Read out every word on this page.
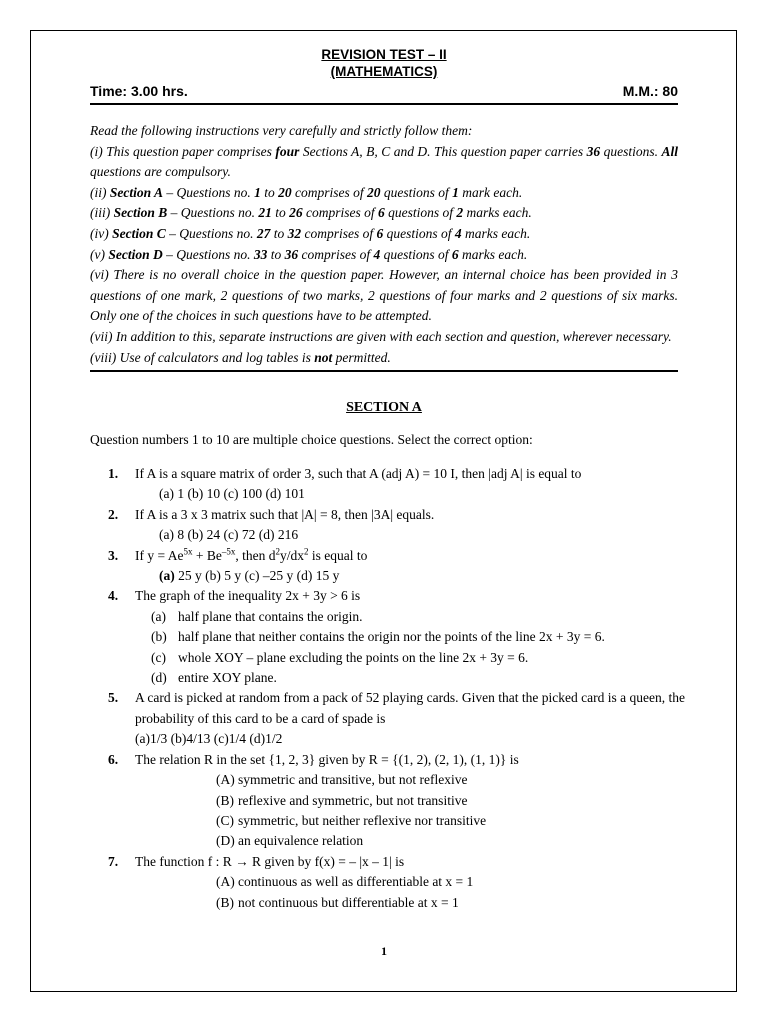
REVISION TEST – II
(MATHEMATICS)
Time: 3.00 hrs.	M.M.: 80

Read the following instructions very carefully and strictly follow them:

(i) This question paper comprises four Sections A, B, C and D. This question paper carries 36 questions. All questions are compulsory.

(ii) Section A – Questions no. 1 to 20 comprises of 20 questions of 1 mark each.

(iii) Section B – Questions no. 21 to 26 comprises of 6 questions of 2 marks each.

(iv) Section C – Questions no. 27 to 32 comprises of 6 questions of 4 marks each.

(v) Section D – Questions no. 33 to 36 comprises of 4 questions of 6 marks each.

(vi) There is no overall choice in the question paper. However, an internal choice has been provided in 3 questions of one mark, 2 questions of two marks, 2 questions of four marks and 2 questions of six marks. Only one of the choices in such questions have to be attempted.

(vii) In addition to this, separate instructions are given with each section and question, wherever necessary.

(viii) Use of calculators and log tables is not permitted.

SECTION A
Question numbers 1 to 10 are multiple choice questions. Select the correct option:
1. If A is a square matrix of order 3, such that A (adj A) = 10 I, then |adj A| is equal to
(a) 1 (b) 10 (c) 100 (d) 101
2. If A is a 3 x 3 matrix such that |A| = 8, then |3A| equals.
(a) 8 (b) 24 (c) 72 (d) 216
3. If $y = Ae^{5x} + Be^{-5x}$, then $d^2y/dx^2$ is equal to
(a) 25 y (b) 5 y (c) –25 y (d) 15 y
4. The graph of the inequality 2x + 3y > 6 is
(a) half plane that contains the origin.
(b) half plane that neither contains the origin nor the points of the line 2x + 3y = 6.
(c) whole XOY – plane excluding the points on the line 2x + 3y = 6.
(d) entire XOY plane.
5. A card is picked at random from a pack of 52 playing cards. Given that the picked card is a queen, the probability of this card to be a card of spade is
(a)1/3 (b)4/13 (c)1/4 (d)1/2
6. The relation R in the set {1, 2, 3} given by R = {(1, 2), (2, 1), (1, 1)} is
(A) symmetric and transitive, but not reflexive
(B) reflexive and symmetric, but not transitive
(C) symmetric, but neither reflexive nor transitive
(D) an equivalence relation
7. The function f : R → R given by f(x) = – |x – 1| is
(A) continuous as well as differentiable at x = 1
(B) not continuous but differentiable at x = 1
1
